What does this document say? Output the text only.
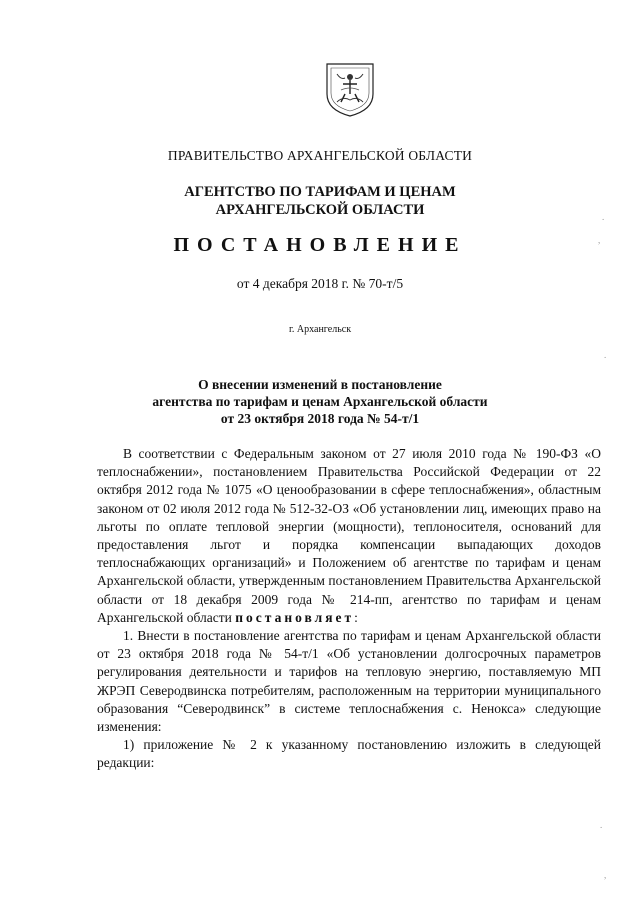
ПРАВИТЕЛЬСТВО АРХАНГЕЛЬСКОЙ ОБЛАСТИ
АГЕНТСТВО ПО ТАРИФАМ И ЦЕНАМ
АРХАНГЕЛЬСКОЙ ОБЛАСТИ
ПОСТАНОВЛЕНИЕ
от 4 декабря 2018 г. № 70-т/5
г. Архангельск
О внесении изменений в постановление
агентства по тарифам и ценам Архангельской области
от 23 октября 2018 года № 54-т/1

В соответствии с Федеральным законом от 27 июля 2010 года № 190-ФЗ «О теплоснабжении», постановлением Правительства Российской Федерации от 22 октября 2012 года № 1075 «О ценообразовании в сфере теплоснабжения», областным законом от 02 июля 2012 года № 512-32-ОЗ «Об установлении лиц, имеющих право на льготы по оплате тепловой энергии (мощности), теплоносителя, оснований для предоставления льгот и порядка компенсации выпадающих доходов теплоснабжающих организаций» и Положением об агентстве по тарифам и ценам Архангельской области, утвержденным постановлением Правительства Архангельской области от 18 декабря 2009 года № 214-пп, агентство по тарифам и ценам Архангельской области постановляет:

1. Внести в постановление агентства по тарифам и ценам Архангельской области от 23 октября 2018 года № 54-т/1 «Об установлении долгосрочных параметров регулирования деятельности и тарифов на тепловую энергию, поставляемую МП ЖРЭП Северодвинска потребителям, расположенным на территории муниципального образования “Северодвинск” в системе теплоснабжения с. Ненокса» следующие изменения:

1) приложение № 2 к указанному постановлению изложить в следующей редакции:

.
,
.
.
,
